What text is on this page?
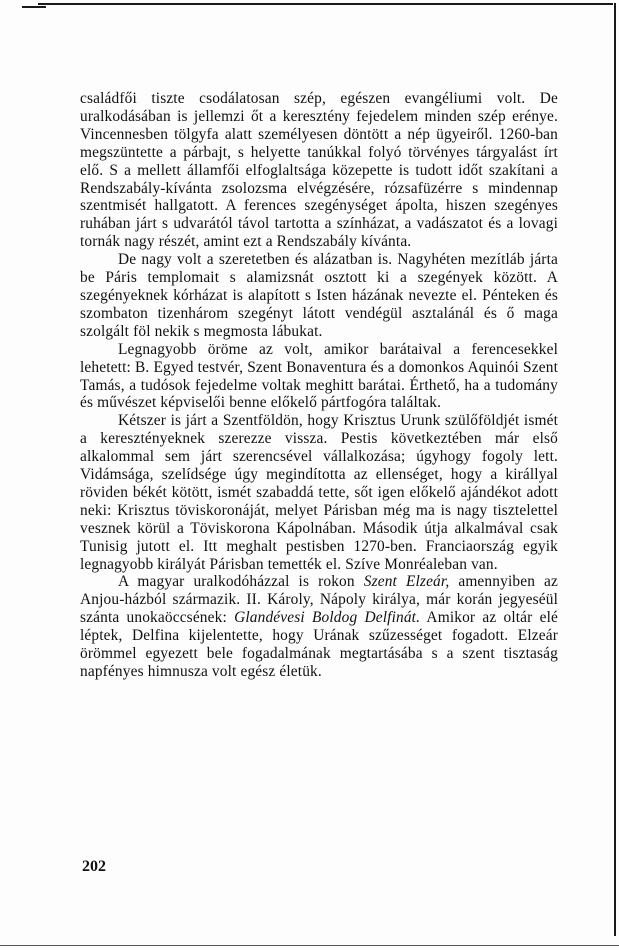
családfői tiszte csodálatosan szép, egészen evangéliumi volt. De uralkodásában is jellemzi őt a keresztény fejedelem minden szép erénye. Vincennesben tölgyfa alatt személyesen döntött a nép ügyeiről. 1260-ban megszüntette a párbajt, s helyette tanúkkal folyó törvényes tárgyalást írt elő. S a mellett államfői elfoglaltsága közepette is tudott időt szakítani a Rendszabály-kívánta zsolozsma elvégzésére, rózsafüzérre s mindennap szentmisét hallgatott. A ferences szegénységet ápolta, hiszen szegényes ruhában járt s udvarától távol tartotta a színházat, a vadászatot és a lovagi tornák nagy részét, amint ezt a Rendszabály kívánta.

De nagy volt a szeretetben és alázatban is. Nagyhéten mezítláb járta be Páris templomait s alamizsnát osztott ki a szegények között. A szegényeknek kórházat is alapított s Isten házának nevezte el. Pénteken és szombaton tizenhárom szegényt látott vendégül asztalánál és ő maga szolgált föl nekik s megmosta lábukat.

Legnagyobb öröme az volt, amikor barátaival a ferencesekkel lehetett: B. Egyed testvér, Szent Bonaventura és a domonkos Aquinói Szent Tamás, a tudósok fejedelme voltak meghitt barátai. Érthető, ha a tudomány és művészet képviselői benne előkelő pártfogóra találtak.

Kétszer is járt a Szentföldön, hogy Krisztus Urunk szülőföldjét ismét a keresztényeknek szerezze vissza. Pestis következtében már első alkalommal sem járt szerencsével vállalkozása; úgyhogy fogoly lett. Vidámsága, szelídsége úgy megindította az ellenséget, hogy a királlyal röviden békét kötött, ismét szabaddá tette, sőt igen előkelő ajándékot adott neki: Krisztus töviskoronáját, melyet Párisban még ma is nagy tisztelettel vesznek körül a Töviskorona Kápolnában. Második útja alkalmával csak Tunisig jutott el. Itt meghalt pestisben 1270-ben. Franciaország egyik legnagyobb királyát Párisban temették el. Szíve Monréaleban van.

A magyar uralkodóházzal is rokon Szent Elzeár, amennyiben az Anjou-házból származik. II. Károly, Nápoly királya, már korán jegyeséül szánta unokaöccsének: Glandévesi Boldog Delfinát. Amikor az oltár elé léptek, Delfina kijelentette, hogy Urának szűzességet fogadott. Elzeár örömmel egyezett bele fogadalmának megtartásába s a szent tisztaság napfényes himnusza volt egész életük.

202
